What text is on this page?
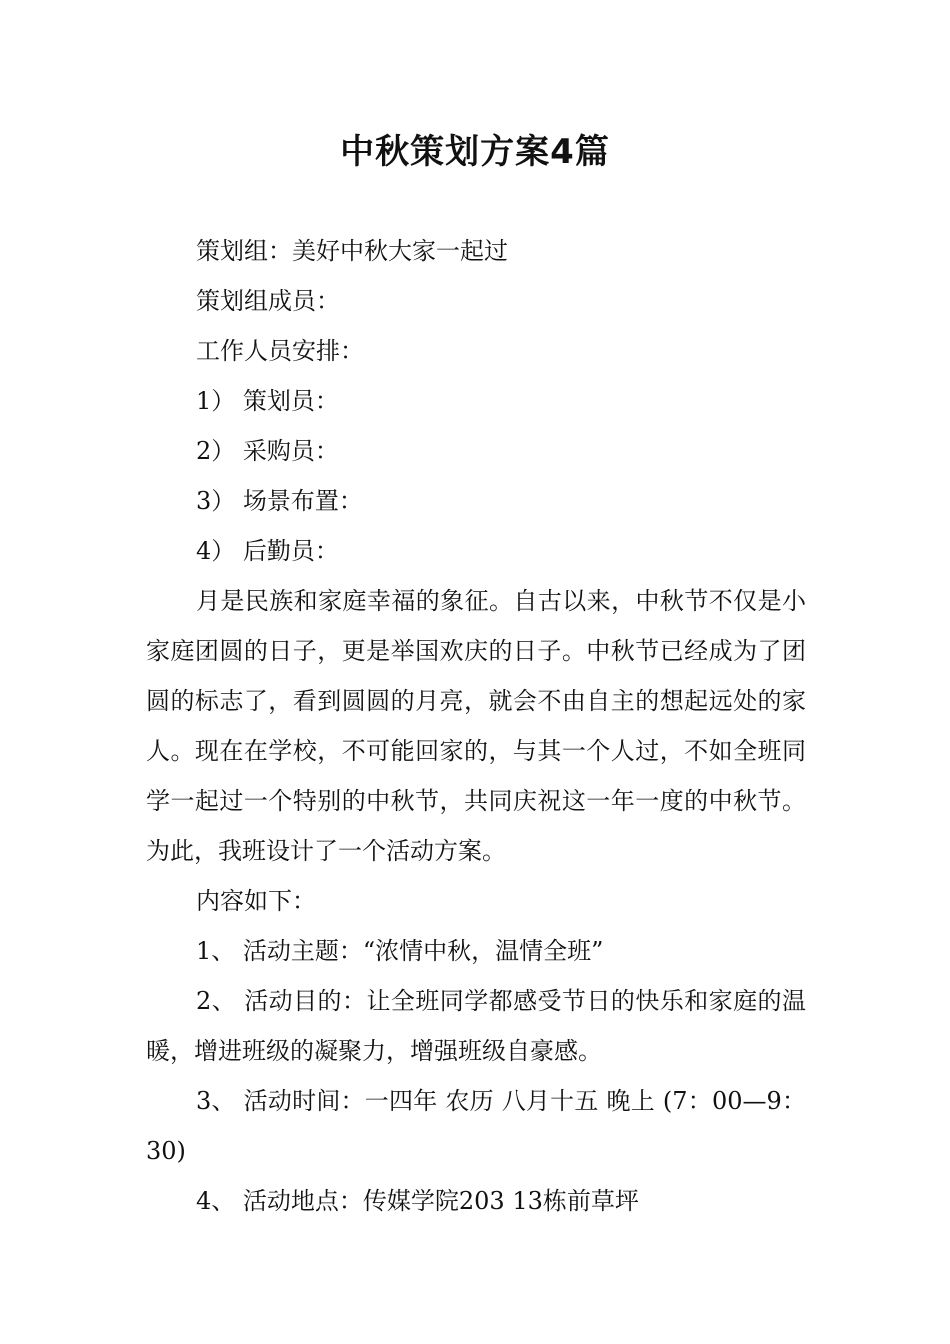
中秋策划方案4篇

策划组：美好中秋大家一起过

策划组成员：

工作人员安排：

1） 策划员：

2） 采购员：

3） 场景布置：

4） 后勤员：

月是民族和家庭幸福的象征。自古以来，中秋节不仅是小家庭团圆的日子，更是举国欢庆的日子。中秋节已经成为了团圆的标志了，看到圆圆的月亮，就会不由自主的想起远处的家人。现在在学校，不可能回家的，与其一个人过，不如全班同学一起过一个特别的中秋节，共同庆祝这一年一度的中秋节。为此，我班设计了一个活动方案。

内容如下：

1、 活动主题：“浓情中秋，温情全班”

2、 活动目的：让全班同学都感受节日的快乐和家庭的温暖，增进班级的凝聚力，增强班级自豪感。

3、 活动时间：一四年 农历 八月十五 晚上 (7：00—9：30)

4、 活动地点：传媒学院203 13栋前草坪
